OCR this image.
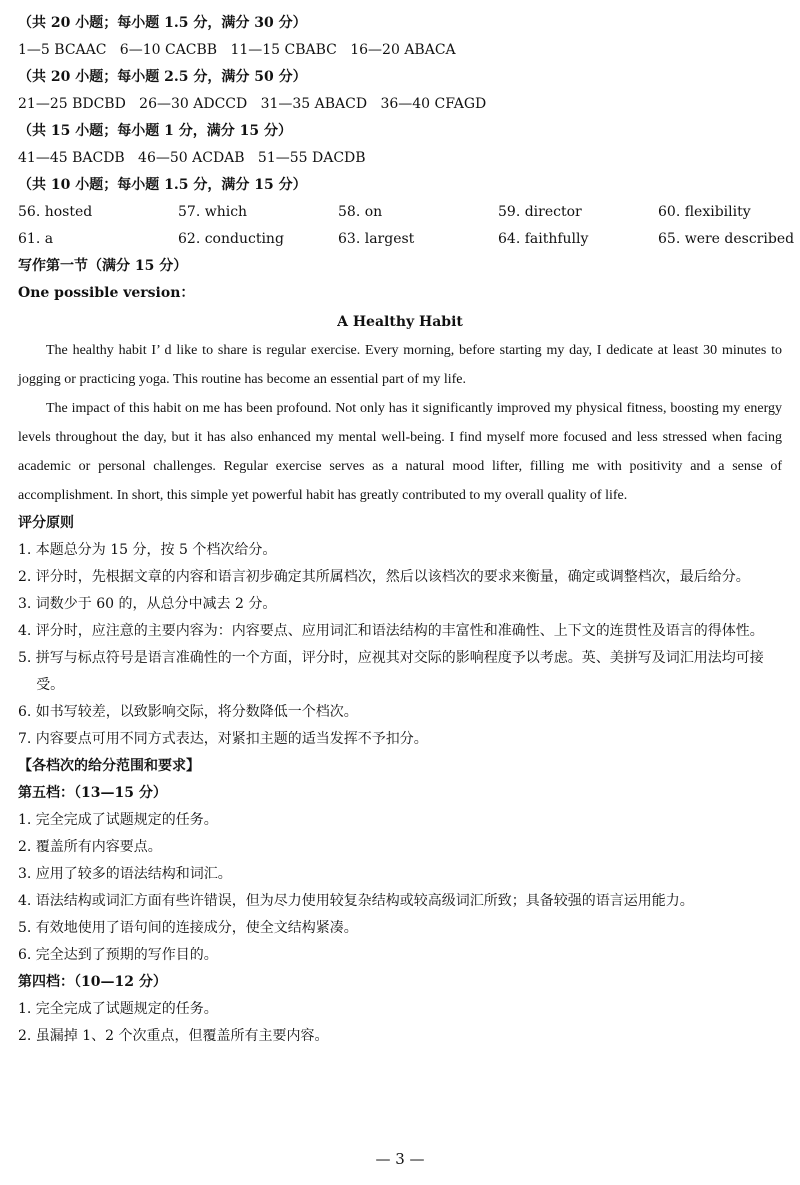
（共 20 小题；每小题 1.5 分，满分 30 分）
1—5 BCAAC   6—10 CACBB   11—15 CBABC   16—20 ABACA
（共 20 小题；每小题 2.5 分，满分 50 分）
21—25 BDCBD   26—30 ADCCD   31—35 ABACD   36—40 CFAGD
（共 15 小题；每小题 1 分，满分 15 分）
41—45 BACDB   46—50 ACDAB   51—55 DACDB
（共 10 小题；每小题 1.5 分，满分 15 分）
56. hosted	57. which	58. on	59. director	60. flexibility
61. a	62. conducting	63. largest	64. faithfully	65. were described
写作第一节（满分 15 分）
One possible version：
A Healthy Habit

The healthy habit I’ d like to share is regular exercise. Every morning, before starting my day, I dedicate at least 30 minutes to jogging or practicing yoga. This routine has become an essential part of my life.

The impact of this habit on me has been profound. Not only has it significantly improved my physical fitness, boosting my energy levels throughout the day, but it has also enhanced my mental well-being. I find myself more focused and less stressed when facing academic or personal challenges. Regular exercise serves as a natural mood lifter, filling me with positivity and a sense of accomplishment. In short, this simple yet powerful habit has greatly contributed to my overall quality of life.

评分原则
1. 本题总分为 15 分，按 5 个档次给分。
2. 评分时，先根据文章的内容和语言初步确定其所属档次，然后以该档次的要求来衡量，确定或调整档次，最后给分。
3. 词数少于 60 的，从总分中减去 2 分。
4. 评分时，应注意的主要内容为：内容要点、应用词汇和语法结构的丰富性和准确性、上下文的连贯性及语言的得体性。
5. 拼写与标点符号是语言准确性的一个方面，评分时，应视其对交际的影响程度予以考虑。英、美拼写及词汇用法均可接受。
6. 如书写较差，以致影响交际，将分数降低一个档次。
7. 内容要点可用不同方式表达，对紧扣主题的适当发挥不予扣分。
【各档次的给分范围和要求】
第五档：（13—15 分）
1. 完全完成了试题规定的任务。
2. 覆盖所有内容要点。
3. 应用了较多的语法结构和词汇。
4. 语法结构或词汇方面有些许错误，但为尽力使用较复杂结构或较高级词汇所致；具备较强的语言运用能力。
5. 有效地使用了语句间的连接成分，使全文结构紧凑。
6. 完全达到了预期的写作目的。
第四档：（10—12 分）
1. 完全完成了试题规定的任务。
2. 虽漏掉 1、2 个次重点，但覆盖所有主要内容。
— 3 —
